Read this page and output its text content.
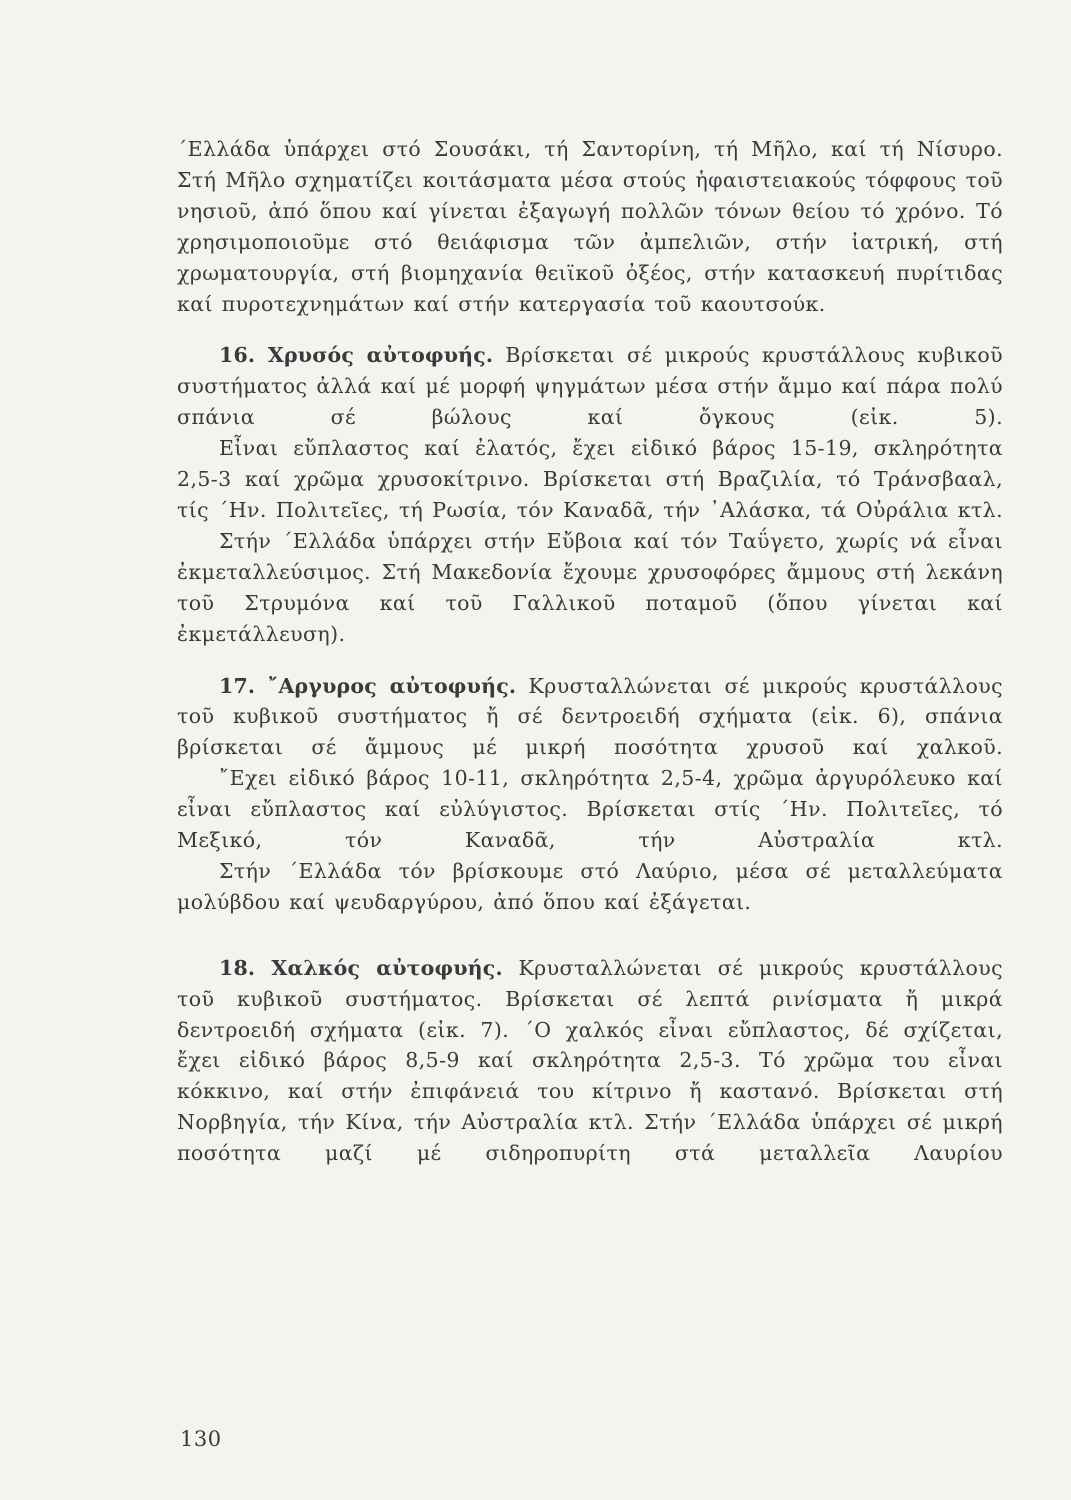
΄Ελλάδα ὑπάρχει στό Σουσάκι, τή Σαντορίνη, τή Μῆλο, καί τή Νίσυρο. Στή Μῆλο σχηματίζει κοιτάσματα μέσα στούς ἡφαιστειακούς τόφφους τοῦ νησιοῦ, ἀπό ὅπου καί γίνεται ἐξαγωγή πολλῶν τόνων θείου τό χρόνο. Τό χρησιμοποιοῦμε στό θειάφισμα τῶν ἀμπελιῶν, στήν ἰατρική, στή χρωματουργία, στή βιομηχανία θειϊκοῦ ὀξέος, στήν κατασκευή πυρίτιδας καί πυροτεχνημάτων καί στήν κατεργασία τοῦ καουτσούκ.

16. Χρυσός αὐτοφυής. Βρίσκεται σέ μικρούς κρυστάλλους κυβικοῦ συστήματος ἀλλά καί μέ μορφή ψηγμάτων μέσα στήν ἄμμο καί πάρα πολύ σπάνια σέ βώλους καί ὄγκους (εἰκ. 5).

Εἶναι εὔπλαστος καί ἐλατός, ἔχει εἰδικό βάρος 15-19, σκληρότητα 2,5-3 καί χρῶμα χρυσοκίτρινο. Βρίσκεται στή Βραζιλία, τό Τράνσβααλ, τίς ΄Ην. Πολιτεῖες, τή Ρωσία, τόν Καναδᾶ, τήν ᾽Αλάσκα, τά Οὐράλια κτλ.

Στήν ΄Ελλάδα ὑπάρχει στήν Εὔβοια καί τόν Ταΰγετο, χωρίς νά εἶναι ἐκμεταλλεύσιμος. Στή Μακεδονία ἔχουμε χρυσοφόρες ἄμμους στή λεκάνη τοῦ Στρυμόνα καί τοῦ Γαλλικοῦ ποταμοῦ (ὅπου γίνεται καί ἐκμετάλλευση).

17. ῎Αργυρος αὐτοφυής. Κρυσταλλώνεται σέ μικρούς κρυστάλλους τοῦ κυβικοῦ συστήματος ἤ σέ δεντροειδή σχήματα (εἰκ. 6), σπάνια βρίσκεται σέ ἄμμους μέ μικρή ποσότητα χρυσοῦ καί χαλκοῦ.

῎Εχει εἰδικό βάρος 10-11, σκληρότητα 2,5-4, χρῶμα ἀργυρόλευκο καί εἶναι εὔπλαστος καί εὐλύγιστος. Βρίσκεται στίς ΄Ην. Πολιτεῖες, τό Μεξικό, τόν Καναδᾶ, τήν Αὐστραλία κτλ.

Στήν ΄Ελλάδα τόν βρίσκουμε στό Λαύριο, μέσα σέ μεταλλεύματα μολύβδου καί ψευδαργύρου, ἀπό ὅπου καί ἐξάγεται.

18. Χαλκός αὐτοφυής. Κρυσταλλώνεται σέ μικρούς κρυστάλλους τοῦ κυβικοῦ συστήματος. Βρίσκεται σέ λεπτά ρινίσματα ἤ μικρά δεντροειδή σχήματα (εἰκ. 7). ΄Ο χαλκός εἶναι εὔπλαστος, δέ σχίζεται, ἔχει εἰδικό βάρος 8,5-9 καί σκληρότητα 2,5-3. Τό χρῶμα του εἶναι κόκκινο, καί στήν ἐπιφάνειά του κίτρινο ἤ καστανό. Βρίσκεται στή Νορβηγία, τήν Κίνα, τήν Αὐστραλία κτλ. Στήν ΄Ελλάδα ὑπάρχει σέ μικρή ποσότητα μαζί μέ σιδηροπυρίτη στά μεταλλεῖα Λαυρίου

130
